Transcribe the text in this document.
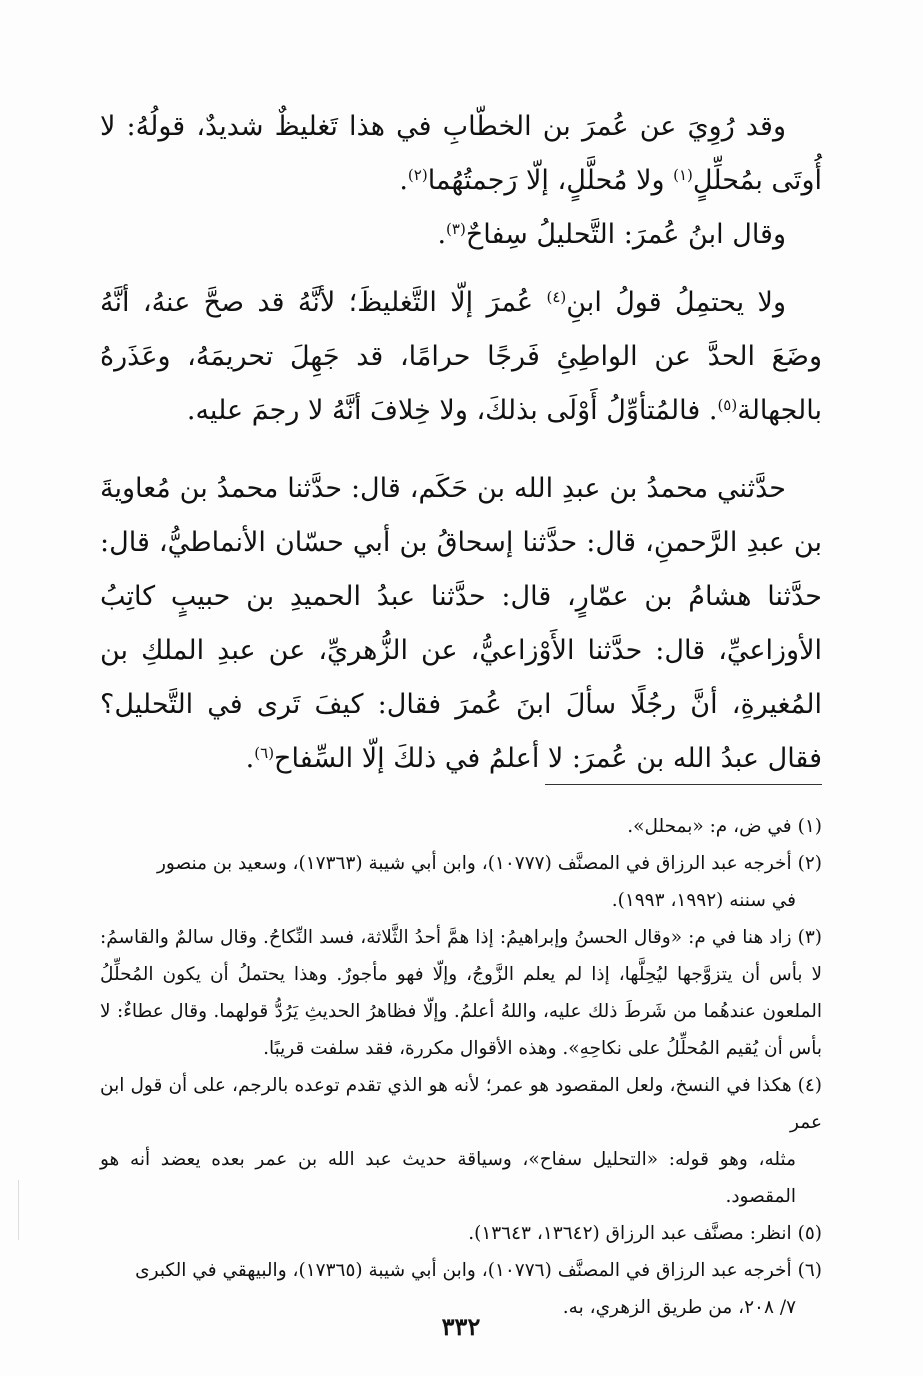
وقد رُوِيَ عن عُمرَ بن الخطّابِ في هذا تَغليظٌ شديدٌ، قولُهُ: لا أُوتَى بمُحلِّلٍ$^{(١)}$ ولا مُحلَّلٍ، إلّا رَجمتُهُما$^{(٢)}$.

وقال ابنُ عُمرَ: التَّحليلُ سِفاحٌ$^{(٣)}$.

ولا يحتمِلُ قولُ ابنِ$^{(٤)}$ عُمرَ إلّا التَّغليظَ؛ لأنَّهُ قد صحَّ عنهُ، أنَّهُ وضَعَ الحدَّ عن الواطِئِ فَرجًا حرامًا، قد جَهِلَ تحريمَهُ، وعَذَرهُ بالجهالة$^{(٥)}$. فالمُتأوِّلُ أَوْلَى بذلكَ، ولا خِلافَ أنَّهُ لا رجمَ عليه.

حدَّثني محمدُ بن عبدِ الله بن حَكَم، قال: حدَّثنا محمدُ بن مُعاويةَ بن عبدِ الرَّحمنِ، قال: حدَّثنا إسحاقُ بن أبي حسّان الأنماطيُّ، قال: حدَّثنا هشامُ بن عمّارٍ، قال: حدَّثنا عبدُ الحميدِ بن حبيبٍ كاتِبُ الأوزاعيِّ، قال: حدَّثنا الأَوْزاعيُّ، عن الزُّهريِّ، عن عبدِ الملكِ بن المُغيرةِ، أنَّ رجُلًا سألَ ابنَ عُمرَ فقال: كيفَ تَرى في التَّحليل؟ فقال عبدُ الله بن عُمرَ: لا أعلمُ في ذلكَ إلّا السِّفاح$^{(٦)}$.

(١)في ض، م: «بمحلل».

(٢)أخرجه عبد الرزاق في المصنَّف (١٠٧٧٧)، وابن أبي شيبة (١٧٣٦٣)، وسعيد بن منصور
في سننه (١٩٩٢، ١٩٩٣).

(٣)زاد هنا في م: «وقال الحسنُ وإبراهيمُ: إذا همَّ أحدُ الثَّلاثة، فسد النِّكاحُ. وقال سالمٌ والقاسمُ: لا بأس أن يتزوَّجها ليُحِلَّها، إذا لم يعلم الزَّوجُ، وإلّا فهو مأجورٌ. وهذا يحتملُ أن يكون المُحلِّلُ الملعون عندهُما من شَرطَ ذلك عليه، واللهُ أعلمُ. وإلّا فظاهرُ الحديثِ يَرُدُّ قولهما. وقال عطاءٌ: لا بأس أن يُقيم المُحلِّلُ على نكاحِهِ». وهذه الأقوال مكررة، فقد سلفت قريبًا.

(٤)هكذا في النسخ، ولعل المقصود هو عمر؛ لأنه هو الذي تقدم توعده بالرجم، على أن قول ابن عمر
مثله، وهو قوله: «التحليل سفاح»، وسياقة حديث عبد الله بن عمر بعده يعضد أنه هو المقصود.

(٥)انظر: مصنَّف عبد الرزاق (١٣٦٤٢، ١٣٦٤٣).

(٦)أخرجه عبد الرزاق في المصنَّف (١٠٧٧٦)، وابن أبي شيبة (١٧٣٦٥)، والبيهقي في الكبرى
٧/ ٢٠٨، من طريق الزهري، به.

٣٣٢
